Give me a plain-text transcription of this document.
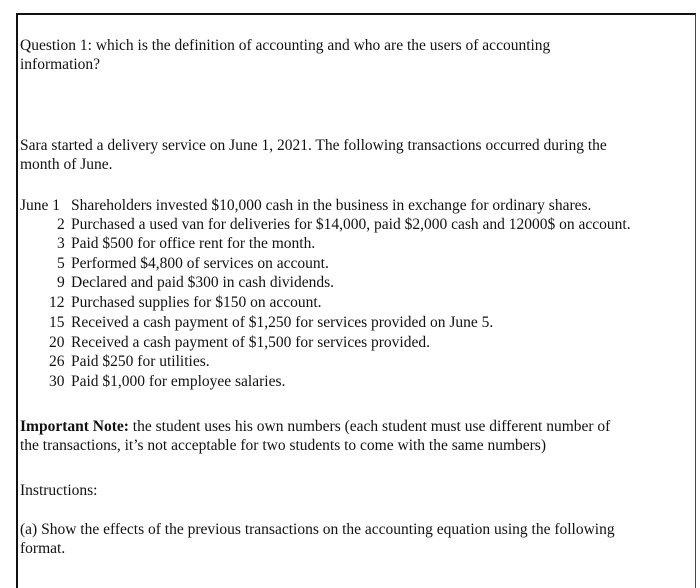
Question 1: which is the definition of accounting and who are the users of accounting
information?
Sara started a delivery service on June 1, 2021. The following transactions occurred during the
month of June.
June 1 Shareholders invested $10,000 cash in the business in exchange for ordinary shares.
2 Purchased a used van for deliveries for $14,000, paid $2,000 cash and 12000$ on account.
3 Paid $500 for office rent for the month.
5 Performed $4,800 of services on account.
9 Declared and paid $300 in cash dividends.
12 Purchased supplies for $150 on account.
15 Received a cash payment of $1,250 for services provided on June 5.
20 Received a cash payment of $1,500 for services provided.
26 Paid $250 for utilities.
30 Paid $1,000 for employee salaries.
Important Note: the student uses his own numbers (each student must use different number of
the transactions, it’s not acceptable for two students to come with the same numbers)
Instructions:
(a) Show the effects of the previous transactions on the accounting equation using the following
format.
